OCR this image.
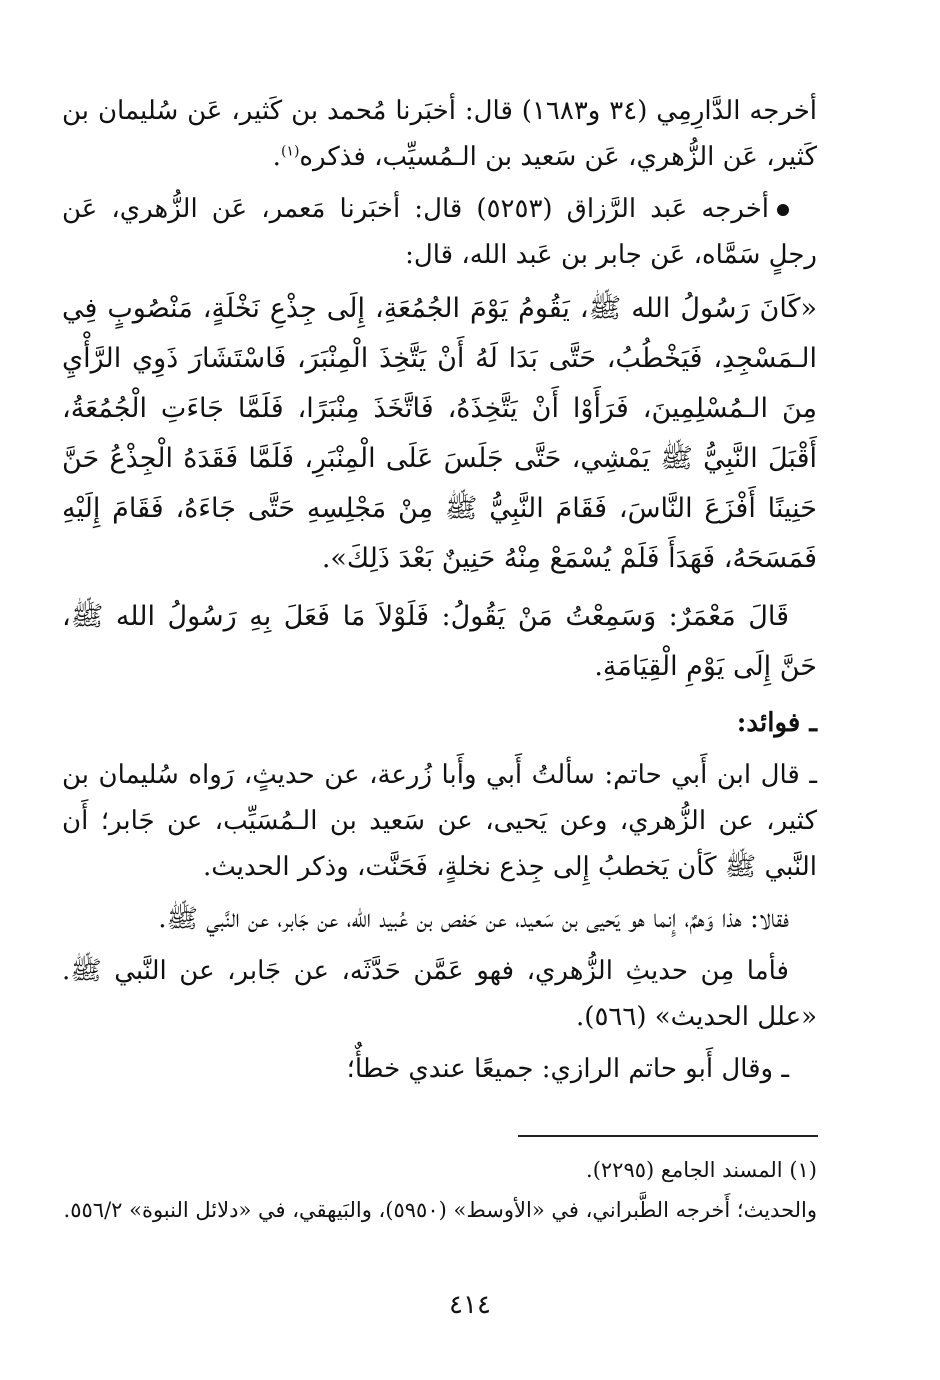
أخرجه الدَّارِمِي (٣٤ و١٦٨٣) قال: أخبَرنا مُحمد بن كَثير، عَن سُليمان بن كَثير، عَن الزُّهري، عَن سَعيد بن الـمُسيِّب، فذكره$^{(١)}$.

أخرجه عَبد الرَّزاق (٥٢٥٣) قال: أخبَرنا مَعمر، عَن الزُّهري، عَن رجلٍ سَمَّاه، عَن جابر بن عَبد الله، قال:

«كَانَ رَسُولُ الله ﷺ، يَقُومُ يَوْمَ الجُمُعَةِ، إِلَى جِذْعِ نَخْلَةٍ، مَنْصُوبٍ فِي الـمَسْجِدِ، فَيَخْطُبُ، حَتَّى بَدَا لَهُ أَنْ يَتَّخِذَ الْمِنْبَرَ، فَاسْتَشَارَ ذَوِي الرَّأْيِ مِنَ الـمُسْلِمِينَ، فَرَأَوْا أَنْ يَتَّخِذَهُ، فَاتَّخَذَ مِنْبَرًا، فَلَمَّا جَاءَتِ الْجُمُعَةُ، أَقْبَلَ النَّبِيُّ ﷺ يَمْشِي، حَتَّى جَلَسَ عَلَى الْمِنْبَرِ، فَلَمَّا فَقَدَهُ الْجِذْعُ حَنَّ حَنِينًا أَفْزَعَ النَّاسَ، فَقَامَ النَّبِيُّ ﷺ مِنْ مَجْلِسِهِ حَتَّى جَاءَهُ، فَقَامَ إِلَيْهِ فَمَسَحَهُ، فَهَدَأَ فَلَمْ يُسْمَعْ مِنْهُ حَنِينٌ بَعْدَ ذَلِكَ».

قَالَ مَعْمَرٌ: وَسَمِعْتُ مَنْ يَقُولُ: فَلَوْلاَ مَا فَعَلَ بِهِ رَسُولُ الله ﷺ، حَنَّ إِلَى يَوْمِ الْقِيَامَةِ.

ـ فوائد:

ـ قال ابن أَبي حاتم: سألتُ أَبي وأَبا زُرعة، عن حديثٍ، رَواه سُليمان بن كثير، عن الزُّهري، وعن يَحيى، عن سَعيد بن الـمُسَيِّب، عن جَابر؛ أَن النَّبي ﷺ كَأن يَخطبُ إِلى جِذع نخلةٍ، فَحَنَّت، وذكر الحديث.

فقالا: هذا وَهمٌ، إِنما هو يَحيى بن سَعيد، عن حَفص بن عُبيد الله، عن جَابر، عن النَّبي ﷺ.

فأما مِن حديثِ الزُّهري، فهو عَمَّن حَدَّثَه، عن جَابر، عن النَّبي ﷺ. «علل الحديث» (٥٦٦).

ـ وقال أَبو حاتم الرازي: جميعًا عندي خطأٌ؛

(١) المسند الجامع (٢٢٩٥).

والحديث؛ أَخرجه الطَّبراني، في «الأوسط» (٥٩٥٠)، والبَيهقي، في «دلائل النبوة» ٥٥٦/٢.

٤١٤
